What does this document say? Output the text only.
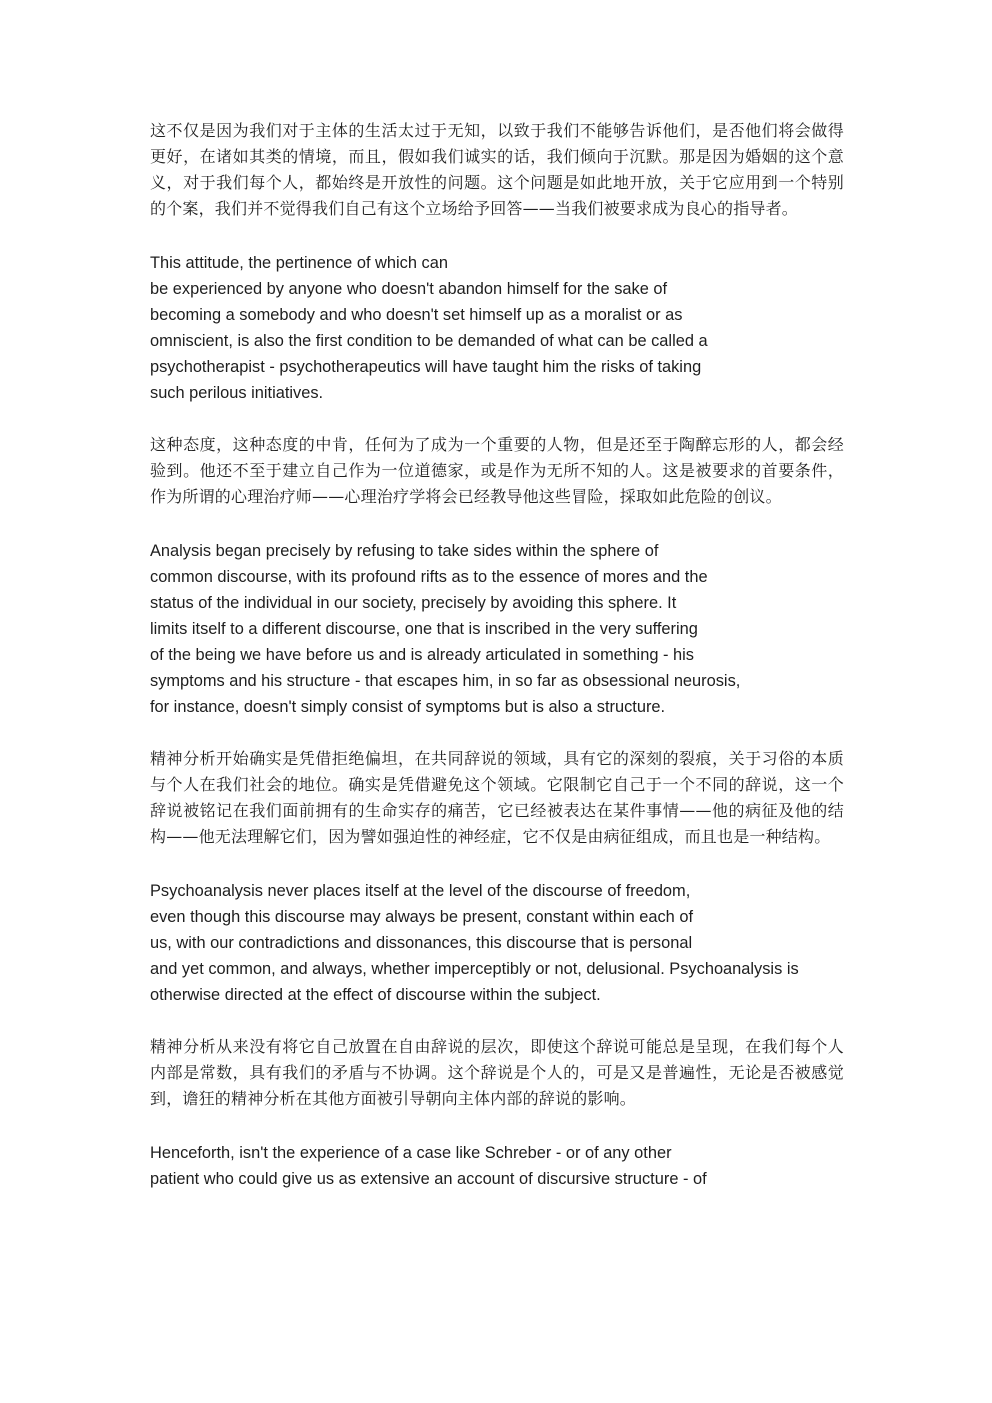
这不仅是因为我们对于主体的生活太过于无知，以致于我们不能够告诉他们，是否他们将会做得更好，在诸如其类的情境，而且，假如我们诚实的话，我们倾向于沉默。那是因为婚姻的这个意义，对于我们每个人，都始终是开放性的问题。这个问题是如此地开放，关于它应用到一个特别的个案，我们并不觉得我们自己有这个立场给予回答——当我们被要求成为良心的指导者。

This attitude, the pertinence of which can
be experienced by anyone who doesn't abandon himself for the sake of
becoming a somebody and who doesn't set himself up as a moralist or as
omniscient, is also the first condition to be demanded of what can be called a
psychotherapist - psychotherapeutics will have taught him the risks of taking
such perilous initiatives.

这种态度，这种态度的中肯，任何为了成为一个重要的人物，但是还至于陶醉忘形的人，都会经验到。他还不至于建立自己作为一位道德家，或是作为无所不知的人。这是被要求的首要条件，作为所谓的心理治疗师——心理治疗学将会已经教导他这些冒险，採取如此危险的创议。

Analysis began precisely by refusing to take sides within the sphere of
common discourse, with its profound rifts as to the essence of mores and the
status of the individual in our society, precisely by avoiding this sphere. It
limits itself to a different discourse, one that is inscribed in the very suffering
of the being we have before us and is already articulated in something - his
symptoms and his structure - that escapes him, in so far as obsessional neurosis,
for instance, doesn't simply consist of symptoms but is also a structure.

精神分析开始确实是凭借拒绝偏坦，在共同辞说的领域，具有它的深刻的裂痕，关于习俗的本质与个人在我们社会的地位。确实是凭借避免这个领域。它限制它自己于一个不同的辞说，这一个辞说被铭记在我们面前拥有的生命实存的痛苦，它已经被表达在某件事情——他的病征及他的结构——他无法理解它们，因为譬如强迫性的神经症，它不仅是由病征组成，而且也是一种结构。

Psychoanalysis never places itself at the level of the discourse of freedom,
even though this discourse may always be present, constant within each of
us, with our contradictions and dissonances, this discourse that is personal
and yet common, and always, whether imperceptibly or not, delusional. Psychoanalysis is
otherwise directed at the effect of discourse within the subject.

精神分析从来没有将它自己放置在自由辞说的层次，即使这个辞说可能总是呈现，在我们每个人内部是常数，具有我们的矛盾与不协调。这个辞说是个人的，可是又是普遍性，无论是否被感觉到，谵狂的精神分析在其他方面被引导朝向主体内部的辞说的影响。

Henceforth, isn't the experience of a case like Schreber - or of any other
patient who could give us as extensive an account of discursive structure - of
